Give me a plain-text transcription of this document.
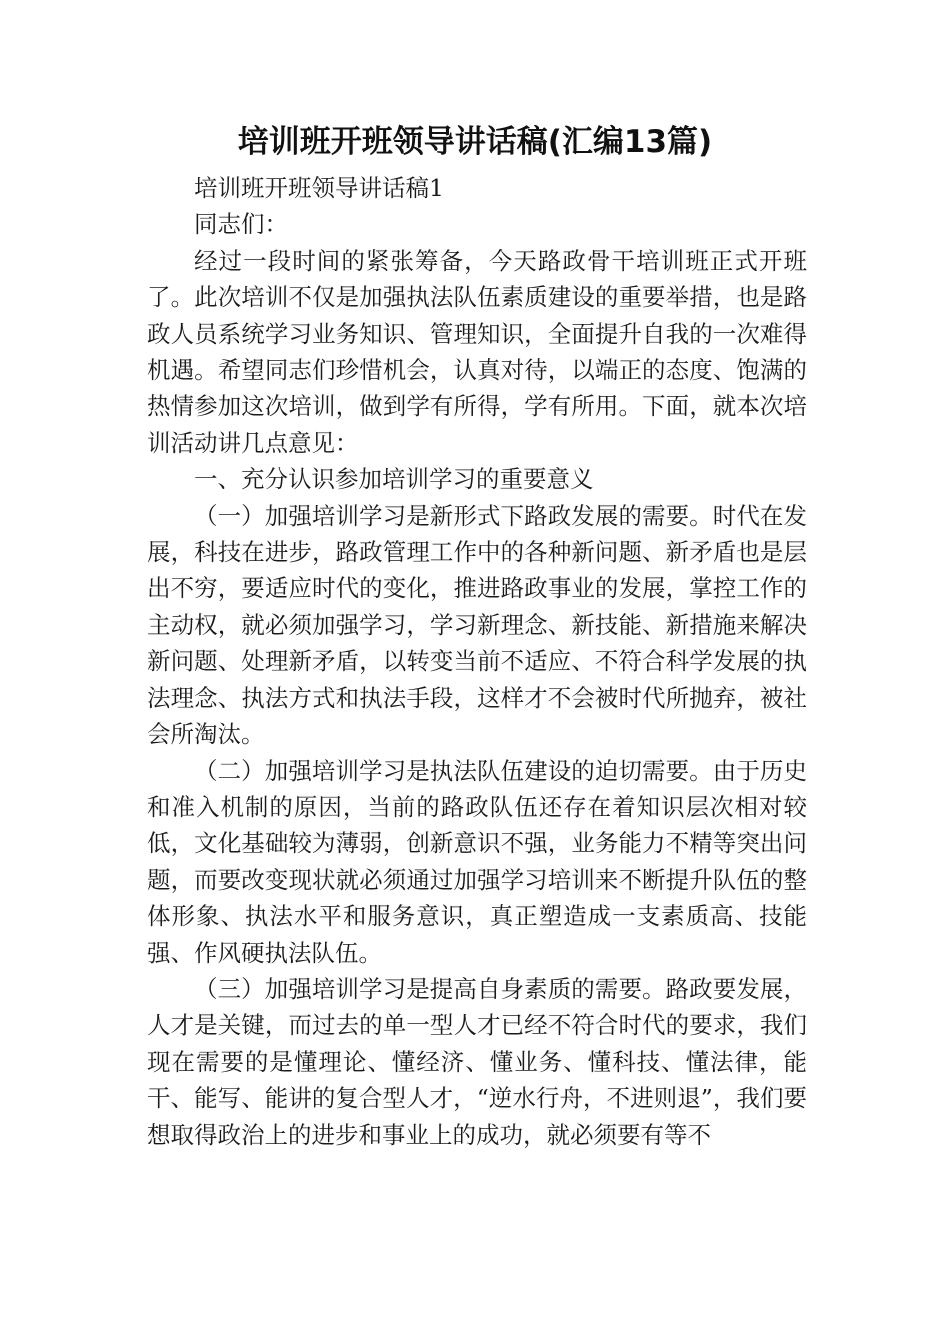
培训班开班领导讲话稿(汇编13篇)

培训班开班领导讲话稿1

同志们：

经过一段时间的紧张筹备，今天路政骨干培训班正式开班了。此次培训不仅是加强执法队伍素质建设的重要举措，也是路政人员系统学习业务知识、管理知识，全面提升自我的一次难得机遇。希望同志们珍惜机会，认真对待，以端正的态度、饱满的热情参加这次培训，做到学有所得，学有所用。下面，就本次培训活动讲几点意见：

一、充分认识参加培训学习的重要意义

（一）加强培训学习是新形式下路政发展的需要。时代在发展，科技在进步，路政管理工作中的各种新问题、新矛盾也是层出不穷，要适应时代的变化，推进路政事业的发展，掌控工作的主动权，就必须加强学习，学习新理念、新技能、新措施来解决新问题、处理新矛盾，以转变当前不适应、不符合科学发展的执法理念、执法方式和执法手段，这样才不会被时代所抛弃，被社会所淘汰。

（二）加强培训学习是执法队伍建设的迫切需要。由于历史和准入机制的原因，当前的路政队伍还存在着知识层次相对较低，文化基础较为薄弱，创新意识不强，业务能力不精等突出问题，而要改变现状就必须通过加强学习培训来不断提升队伍的整体形象、执法水平和服务意识，真正塑造成一支素质高、技能强、作风硬执法队伍。

（三）加强培训学习是提高自身素质的需要。路政要发展，人才是关键，而过去的单一型人才已经不符合时代的要求，我们现在需要的是懂理论、懂经济、懂业务、懂科技、懂法律，能干、能写、能讲的复合型人才，“逆水行舟，不进则退”，我们要想取得政治上的进步和事业上的成功，就必须要有等不
